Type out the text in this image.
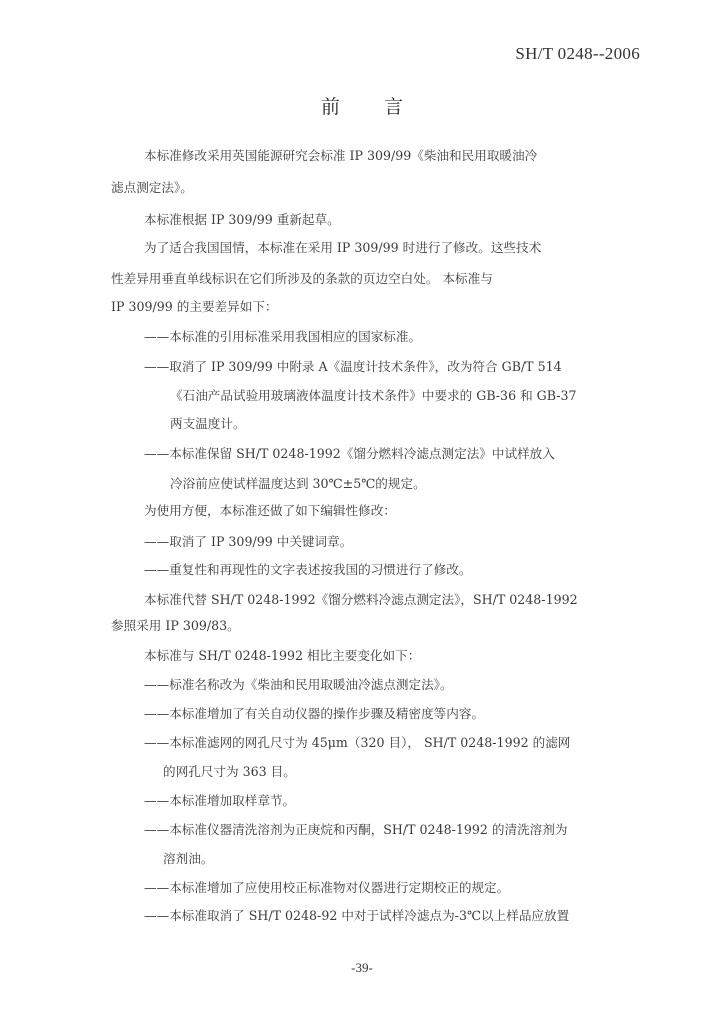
SH/T 0248--2006
前言
本标准修改采用英国能源研究会标准 IP 309/99《柴油和民用取暖油冷
滤点测定法》。
本标准根据 IP 309/99 重新起草。
为了适合我国国情，本标准在采用 IP 309/99 时进行了修改。这些技术
性差异用垂直单线标识在它们所涉及的条款的页边空白处。 本标准与
IP 309/99 的主要差异如下：
——本标准的引用标准采用我国相应的国家标准。
——取消了 IP 309/99 中附录 A《温度计技术条件》，改为符合 GB/T 514
《石油产品试验用玻璃液体温度计技术条件》中要求的 GB-36 和 GB-37
两支温度计。
——本标准保留 SH/T 0248-1992《馏分燃料冷滤点测定法》中试样放入
冷浴前应使试样温度达到 30℃±5℃的规定。
为使用方便，本标准还做了如下编辑性修改：
——取消了 IP 309/99 中关键词章。
——重复性和再现性的文字表述按我国的习惯进行了修改。
本标准代替 SH/T 0248-1992《馏分燃料冷滤点测定法》，SH/T 0248-1992
参照采用 IP 309/83。
本标准与 SH/T 0248-1992 相比主要变化如下：
——标准名称改为《柴油和民用取暖油冷滤点测定法》。
——本标准增加了有关自动仪器的操作步骤及精密度等内容。
——本标准滤网的网孔尺寸为 45μm（320 目）， SH/T 0248-1992 的滤网
的网孔尺寸为 363 目。
——本标准增加取样章节。
——本标准仪器清洗溶剂为正庚烷和丙酮，SH/T 0248-1992 的清洗溶剂为
溶剂油。
——本标准增加了应使用校正标准物对仪器进行定期校正的规定。
——本标准取消了 SH/T 0248-92 中对于试样冷滤点为-3℃以上样品应放置
-39-
